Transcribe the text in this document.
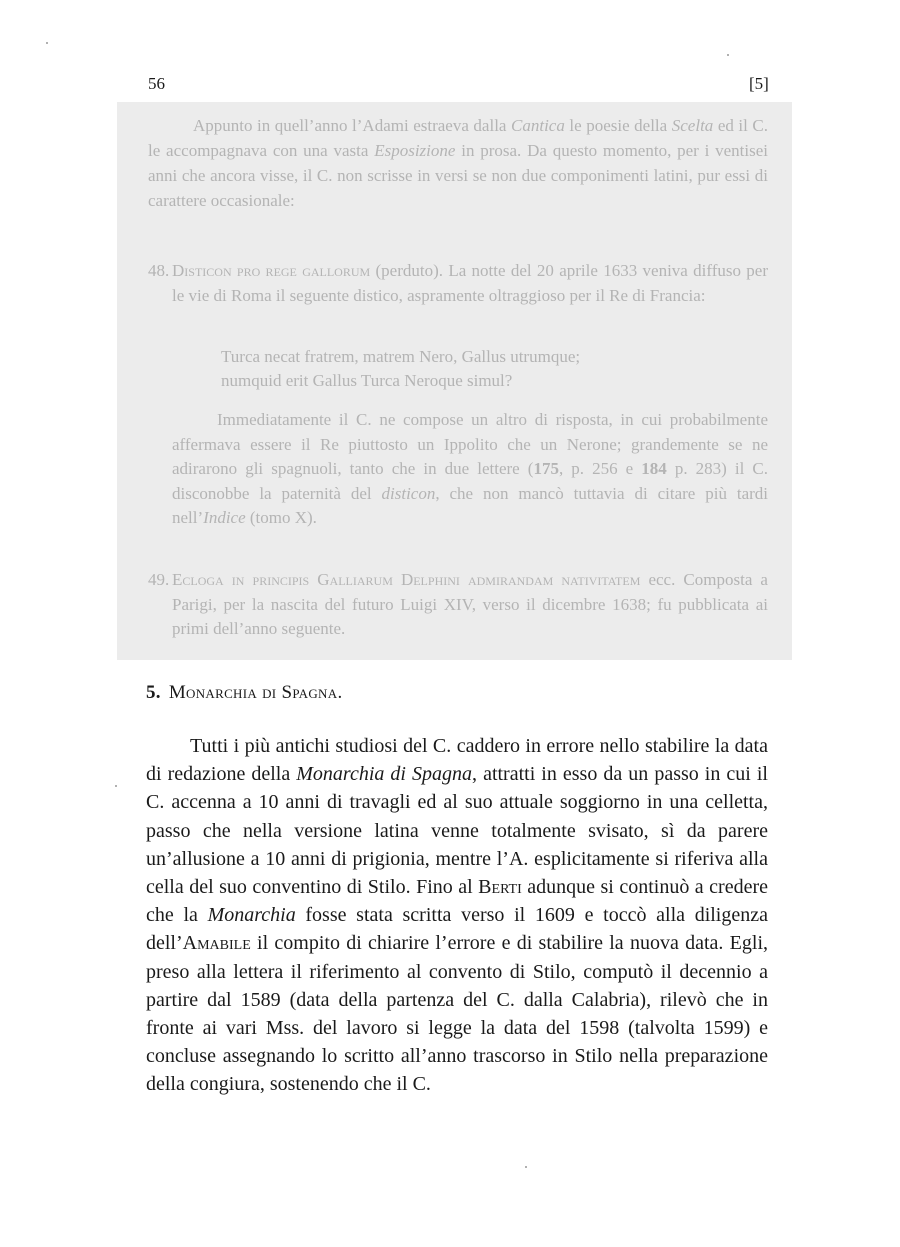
56	[5]

Appunto in quell’anno l’Adami estraeva dalla Cantica le poesie della Scelta ed il C. le accompagnava con una vasta Esposizione in prosa. Da questo momento, per i ventisei anni che ancora visse, il C. non scrisse in versi se non due componimenti latini, pur essi di carattere occasionale:

48. Disticon pro rege gallorum (perduto). La notte del 20 aprile 1633 veniva diffuso per le vie di Roma il seguente distico, aspramente oltraggioso per il Re di Francia:
Turca necat fratrem, matrem Nero, Gallus utrumque;
numquid erit Gallus Turca Neroque simul?
Immediatamente il C. ne compose un altro di risposta, in cui probabilmente affermava essere il Re piuttosto un Ippolito che un Nerone; grandemente se ne adirarono gli spagnuoli, tanto che in due lettere (175, p. 256 e 184 p. 283) il C. disconobbe la paternità del disticon, che non mancò tuttavia di citare più tardi nell’Indice (tomo X).
49. Ecloga in principis Galliarum Delphini admirandam nativitatem ecc. Composta a Parigi, per la nascita del futuro Luigi XIV, verso il dicembre 1638; fu pubblicata ai primi dell’anno seguente.
5. Monarchia di Spagna.
Tutti i più antichi studiosi del C. caddero in errore nello stabilire la data di redazione della Monarchia di Spagna, attratti in esso da un passo in cui il C. accenna a 10 anni di travagli ed al suo attuale soggiorno in una celletta, passo che nella versione latina venne totalmente svisato, sì da parere un’allusione a 10 anni di prigionia, mentre l’A. esplicitamente si riferiva alla cella del suo conventino di Stilo. Fino al Berti adunque si continuò a credere che la Monarchia fosse stata scritta verso il 1609 e toccò alla diligenza dell’Amabile il compito di chiarire l’errore e di stabilire la nuova data. Egli, preso alla lettera il riferimento al convento di Stilo, computò il decennio a partire dal 1589 (data della partenza del C. dalla Calabria), rilevò che in fronte ai vari Mss. del lavoro si legge la data del 1598 (talvolta 1599) e concluse assegnando lo scritto all’anno trascorso in Stilo nella preparazione della congiura, sostenendo che il C.
